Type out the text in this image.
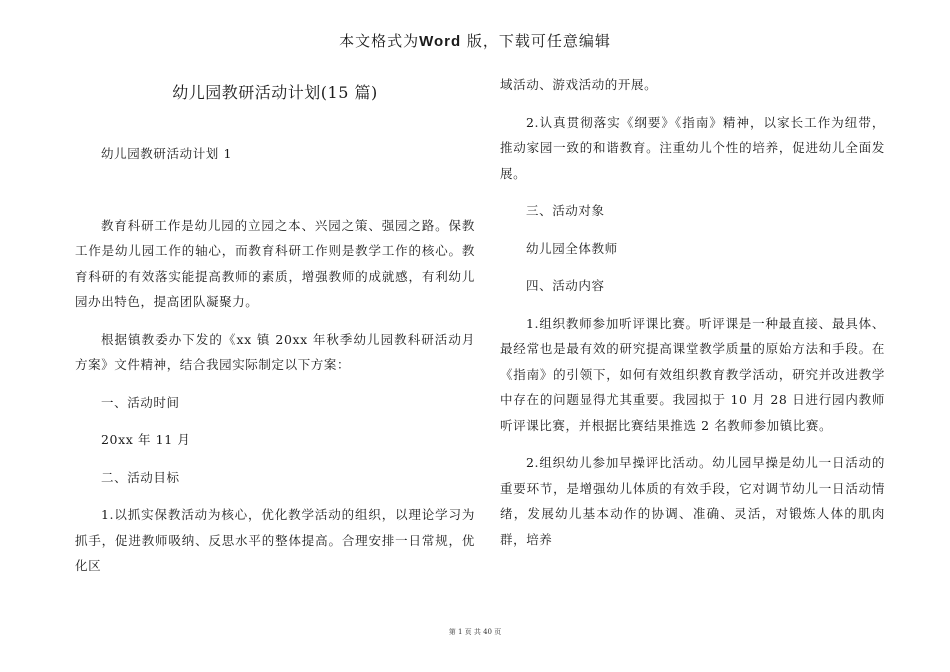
本文格式为Word 版，下载可任意编辑
幼儿园教研活动计划(15 篇)

幼儿园教研活动计划 1

教育科研工作是幼儿园的立园之本、兴园之策、强园之路。保教工作是幼儿园工作的轴心，而教育科研工作则是教学工作的核心。教育科研的有效落实能提高教师的素质，增强教师的成就感，有利幼儿园办出特色，提高团队凝聚力。

根据镇教委办下发的《xx 镇 20xx 年秋季幼儿园教科研活动月方案》文件精神，结合我园实际制定以下方案：

一、活动时间

20xx 年 11 月

二、活动目标

1.以抓实保教活动为核心，优化教学活动的组织，以理论学习为抓手，促进教师吸纳、反思水平的整体提高。合理安排一日常规，优化区

域活动、游戏活动的开展。

2.认真贯彻落实《纲要》《指南》精神，以家长工作为纽带，推动家园一致的和谐教育。注重幼儿个性的培养，促进幼儿全面发展。

三、活动对象

幼儿园全体教师

四、活动内容

1.组织教师参加听评课比赛。听评课是一种最直接、最具体、最经常也是最有效的研究提高课堂教学质量的原始方法和手段。在《指南》的引领下，如何有效组织教育教学活动，研究并改进教学中存在的问题显得尤其重要。我园拟于 10 月 28 日进行园内教师听评课比赛，并根据比赛结果推选 2 名教师参加镇比赛。

2.组织幼儿参加早操评比活动。幼儿园早操是幼儿一日活动的重要环节，是增强幼儿体质的有效手段，它对调节幼儿一日活动情绪，发展幼儿基本动作的协调、准确、灵活，对锻炼人体的肌肉群，培养

第 1 页 共 40 页
